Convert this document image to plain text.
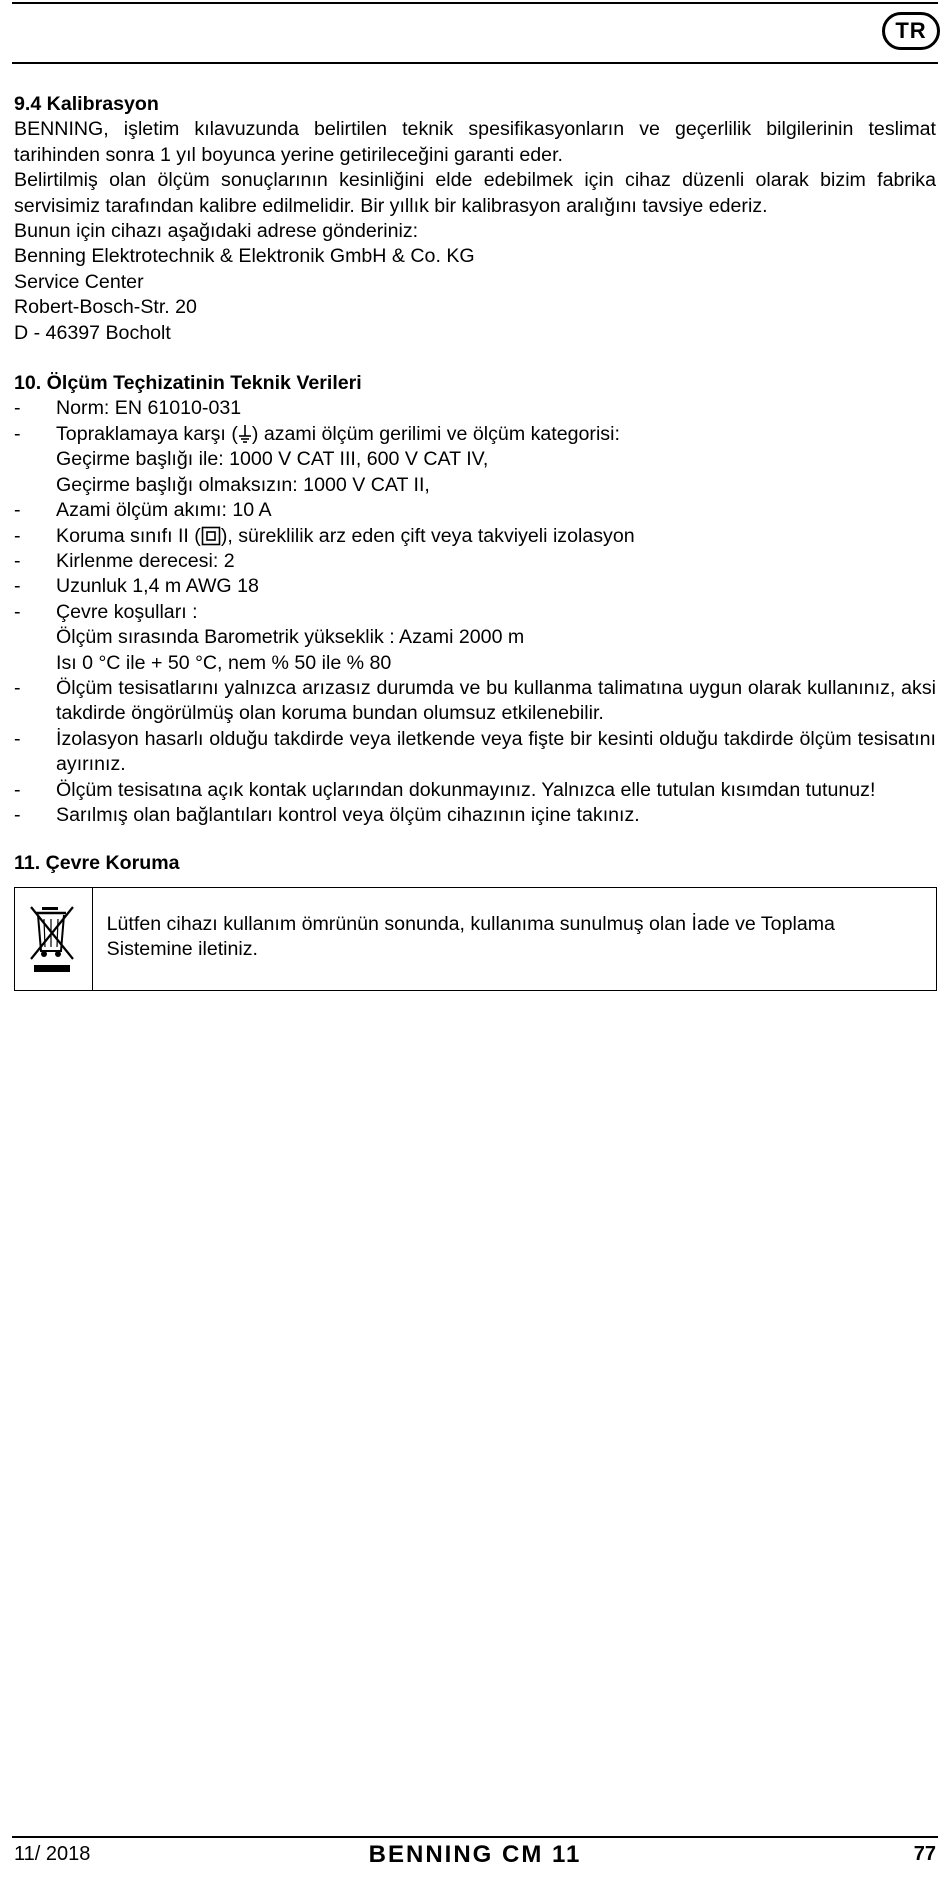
TR

9.4 Kalibrasyon

BENNING, işletim kılavuzunda belirtilen teknik spesifikasyonların ve geçerlilik bilgilerinin teslimat tarihinden sonra 1 yıl boyunca yerine getirileceğini garanti eder.

Belirtilmiş olan ölçüm sonuçlarının kesinliğini elde edebilmek için cihaz düzenli olarak bizim fabrika servisimiz tarafından kalibre edilmelidir. Bir yıllık bir kalibrasyon aralığını tavsiye ederiz.

Bunun için cihazı aşağıdaki adrese gönderiniz:

Benning Elektrotechnik & Elektronik GmbH & Co. KG

Service Center

Robert-Bosch-Str. 20

D - 46397 Bocholt

10. Ölçüm Teçhizatinin Teknik Verileri

- Norm: EN 61010-031
- Topraklamaya karşı ( ) azami ölçüm gerilimi ve ölçüm kategorisi:
Geçirme başlığı ile: 1000 V CAT III, 600 V CAT IV,
Geçirme başlığı olmaksızın: 1000 V CAT II,
- Azami ölçüm akımı: 10 A
- Koruma sınıfı II ( ), süreklilik arz eden çift veya takviyeli izolasyon
- Kirlenme derecesi: 2
- Uzunluk 1,4 m AWG 18
- Çevre koşulları :
Ölçüm sırasında Barometrik yükseklik : Azami 2000 m
Isı 0 °C ile + 50 °C, nem % 50 ile % 80
- Ölçüm tesisatlarını yalnızca arızasız durumda ve bu kullanma talimatına uygun olarak kullanınız, aksi takdirde öngörülmüş olan koruma bundan olumsuz etkilenebilir.
- İzolasyon hasarlı olduğu takdirde veya iletkende veya fişte bir kesinti olduğu takdirde ölçüm tesisatını ayırınız.
- Ölçüm tesisatına açık kontak uçlarından dokunmayınız. Yalnızca elle tutulan kısımdan tutunuz!
- Sarılmış olan bağlantıları kontrol veya ölçüm cihazının içine takınız.

11. Çevre Koruma

Lütfen cihazı kullanım ömrünün sonunda, kullanıma sunulmuş olan İade ve Toplama Sistemine iletiniz.
11/ 2018	BENNING CM 11	77
